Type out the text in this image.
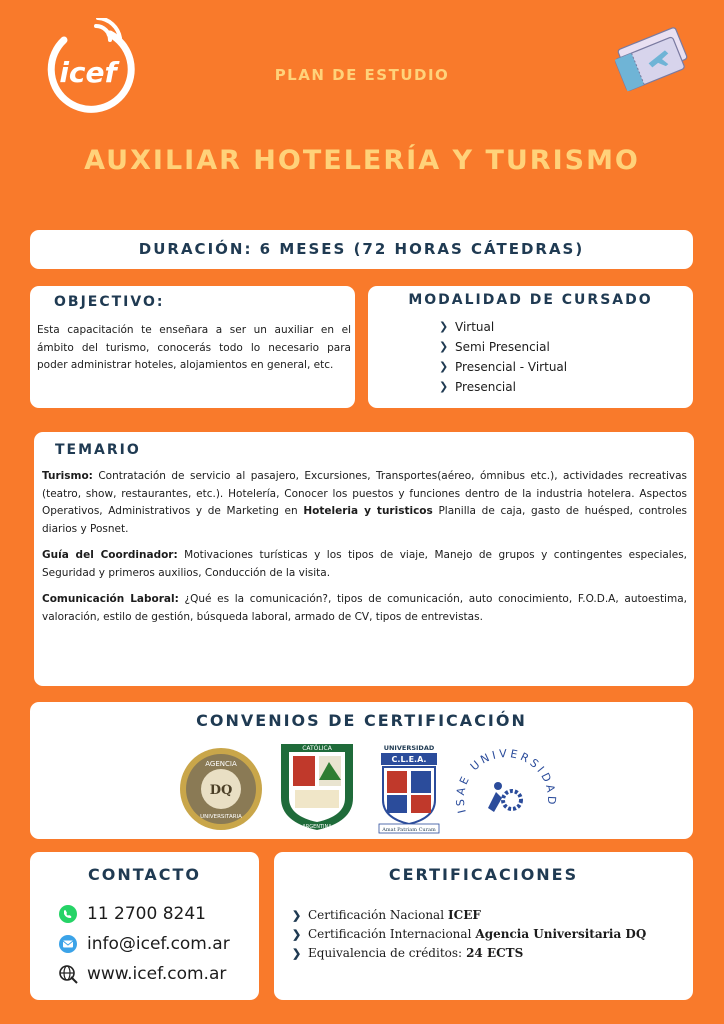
icef	PLAN DE ESTUDIO
AUXILIAR HOTELERÍA Y TURISMO
DURACIÓN: 6 MESES (72 HORAS CÁTEDRAS)
OBJECTIVO:

Esta capacitación te enseñara a ser un auxiliar en el ámbito del turismo, conocerás todo lo necesario para poder administrar hoteles, alojamientos en general, etc.

MODALIDAD DE CURSADO
❯ Virtual
❯ Semi Presencial
❯ Presencial - Virtual
❯ Presencial
TEMARIO
Turismo: Contratación de servicio al pasajero, Excursiones, Transportes(aéreo, ómnibus etc.), actividades recreativas (teatro, show, restaurantes, etc.). Hotelería, Conocer los puestos y funciones dentro de la industria hotelera. Aspectos Operativos, Administrativos y de Marketing en Hoteleria y turisticos Planilla de caja, gasto de huésped, controles diarios y Posnet.
Guía del Coordinador: Motivaciones turísticas y los tipos de viaje, Manejo de grupos y contingentes especiales, Seguridad y primeros auxilios, Conducción de la visita.
Comunicación Laboral: ¿Qué es la comunicación?, tipos de comunicación, auto conocimiento, F.O.D.A, autoestima, valoración, estilo de gestión, búsqueda laboral, armado de CV, tipos de entrevistas.
CONVENIOS DE CERTIFICACIÓN
DQ
AGENCIA
UNIVERSITARIA
CATÓLICA
ARGENTINA
UNIVERSIDAD
C.L.E.A.
Amat Patriam Curam
ISAE UNIVERSIDAD
CONTACTO
11 2700 8241
info@icef.com.ar
www.icef.com.ar
CERTIFICACIONES
❯ Certificación Nacional ICEF
❯ Certificación Internacional Agencia Universitaria DQ
❯ Equivalencia de créditos: 24 ECTS
